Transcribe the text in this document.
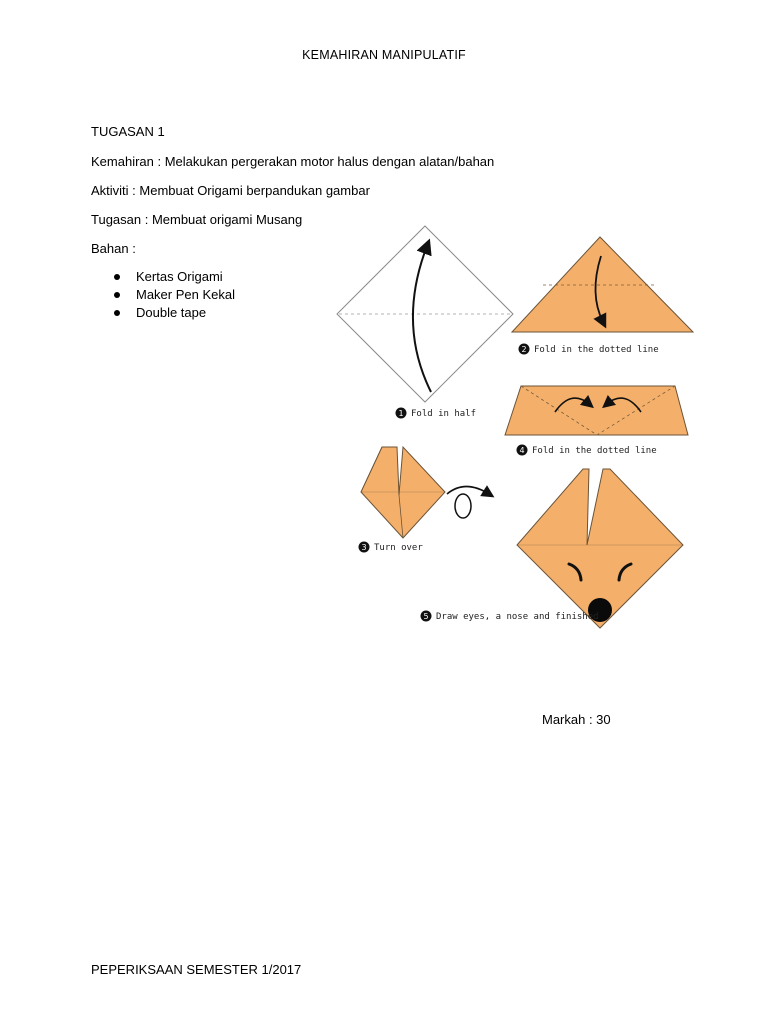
KEMAHIRAN MANIPULATIF
TUGASAN 1
Kemahiran : Melakukan pergerakan motor halus dengan alatan/bahan
Aktiviti : Membuat Origami berpandukan gambar
Tugasan : Membuat origami Musang
Bahan :
Kertas Origami
Maker Pen Kekal
Double tape
1 Fold in half
2 Fold in the dotted line
4 Fold in the dotted line
3 Turn over
5 Draw eyes, a nose and finished
Markah : 30
PEPERIKSAAN SEMESTER 1/2017
